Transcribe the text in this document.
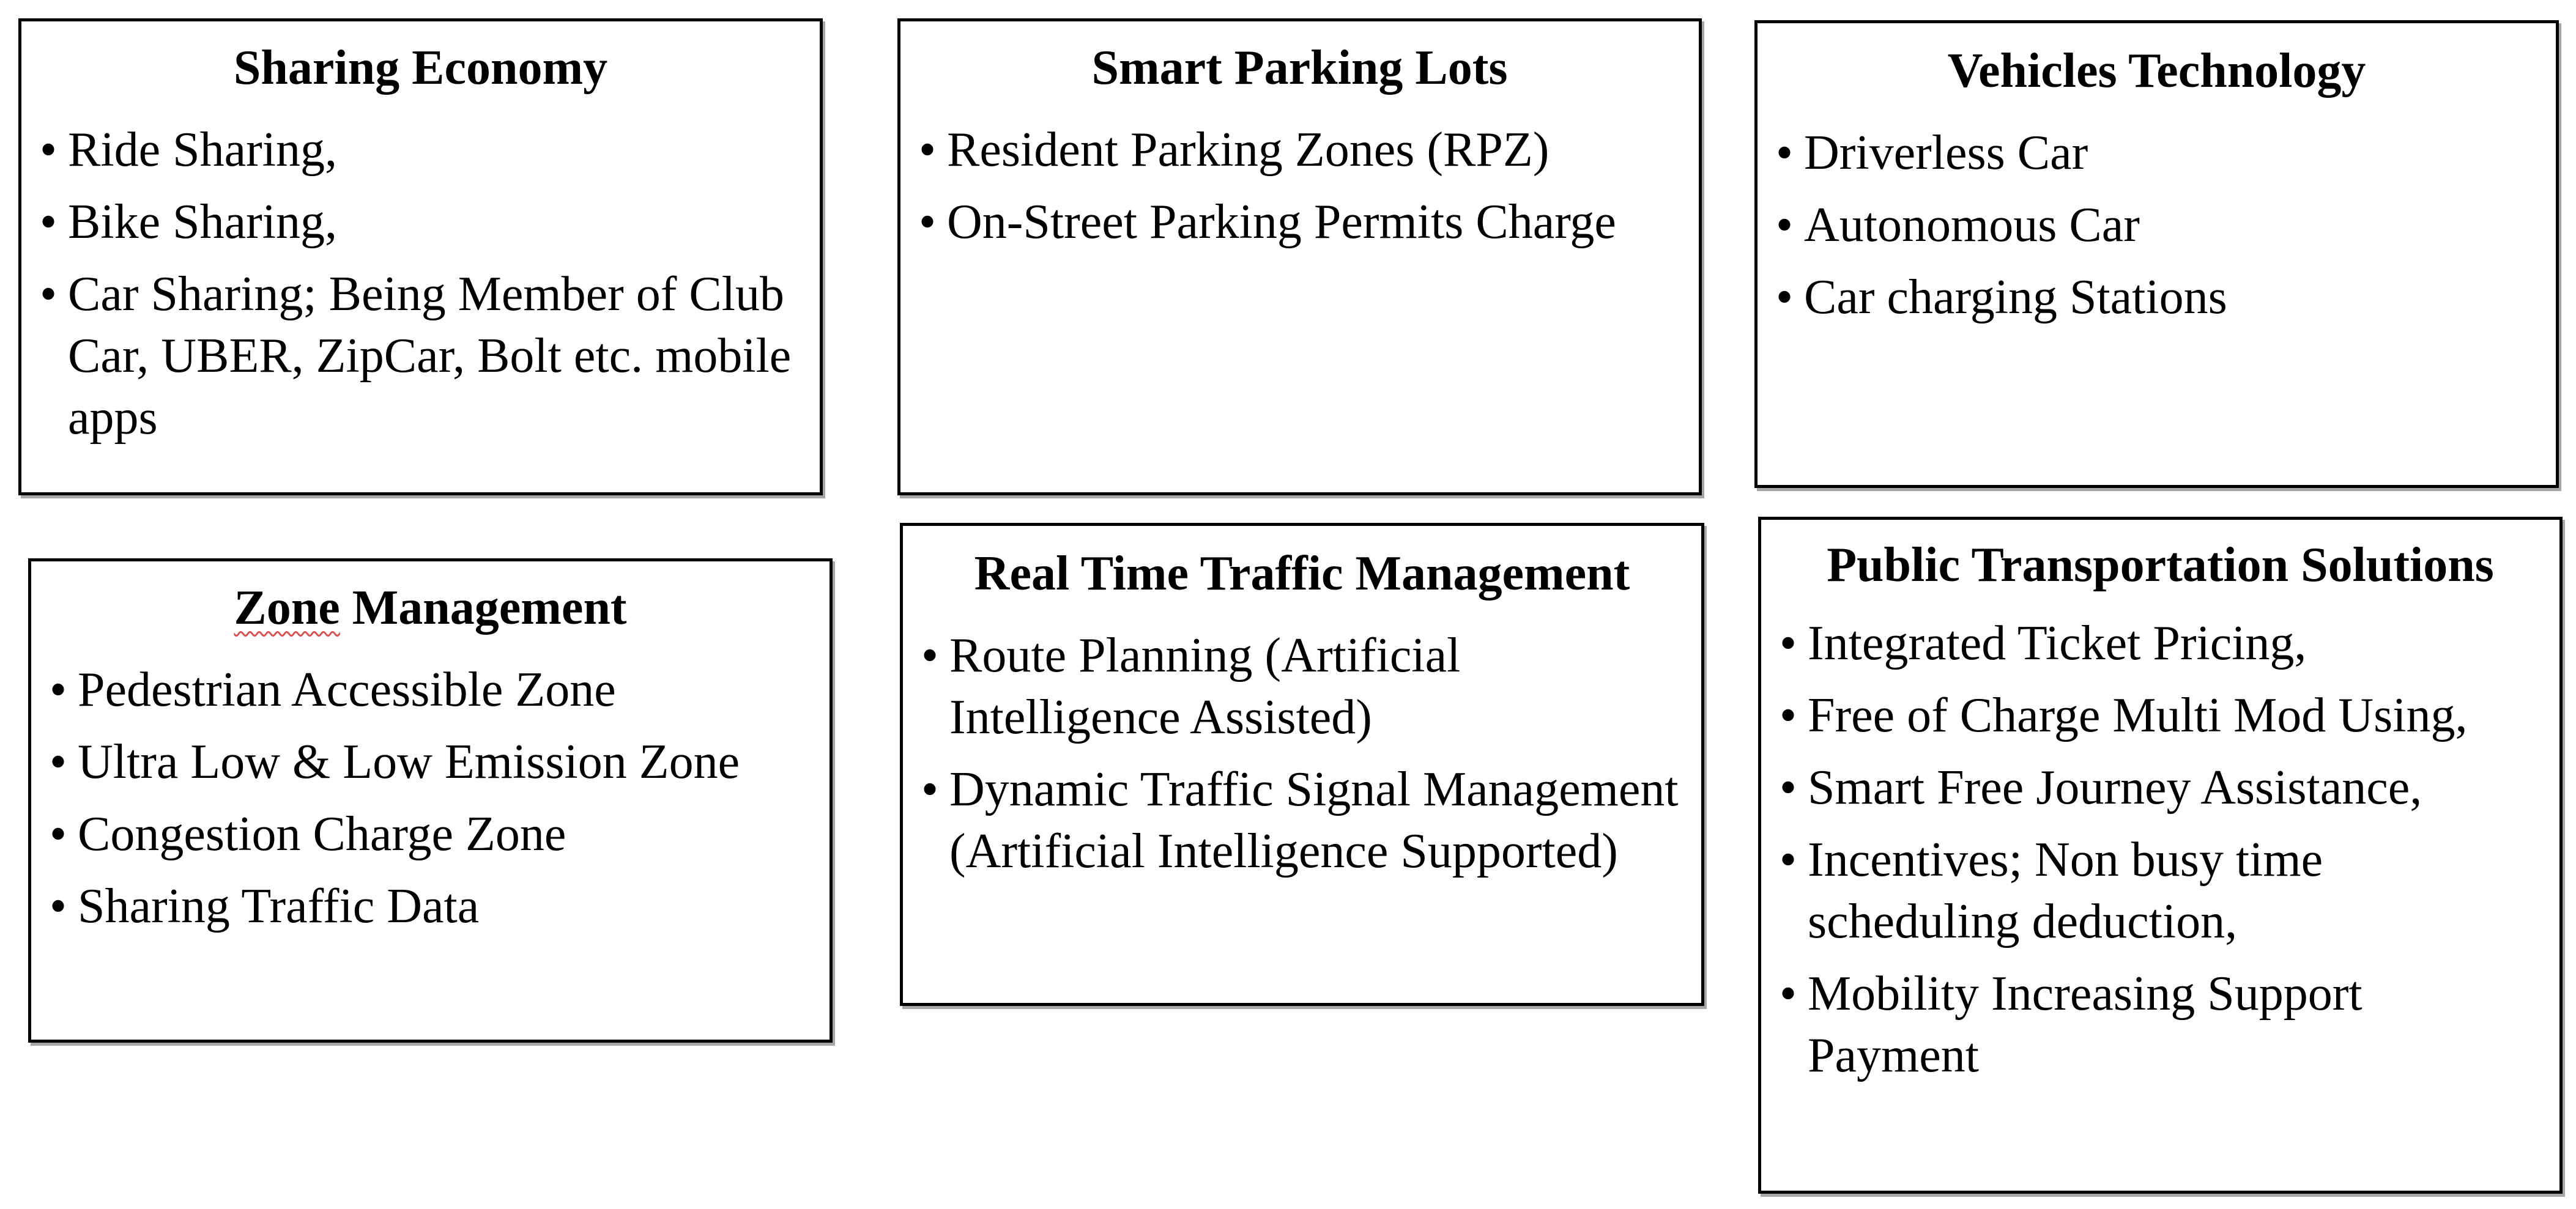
Sharing Economy
• Ride Sharing,
• Bike Sharing,
• Car Sharing; Being Member of Club Car, UBER, ZipCar, Bolt etc. mobile apps
Smart Parking Lots
• Resident Parking Zones (RPZ)
• On-Street Parking Permits Charge
Vehicles Technology
• Driverless Car
• Autonomous Car
• Car charging Stations
Zone Management
• Pedestrian Accessible Zone
• Ultra Low & Low Emission Zone
• Congestion Charge Zone
• Sharing Traffic Data
Real Time Traffic Management
• Route Planning (Artificial Intelligence Assisted)
• Dynamic Traffic Signal Management (Artificial Intelligence Supported)
Public Transportation Solutions
• Integrated Ticket Pricing,
• Free of Charge Multi Mod Using,
• Smart Free Journey Assistance,
• Incentives; Non busy time scheduling deduction,
• Mobility Increasing Support Payment
